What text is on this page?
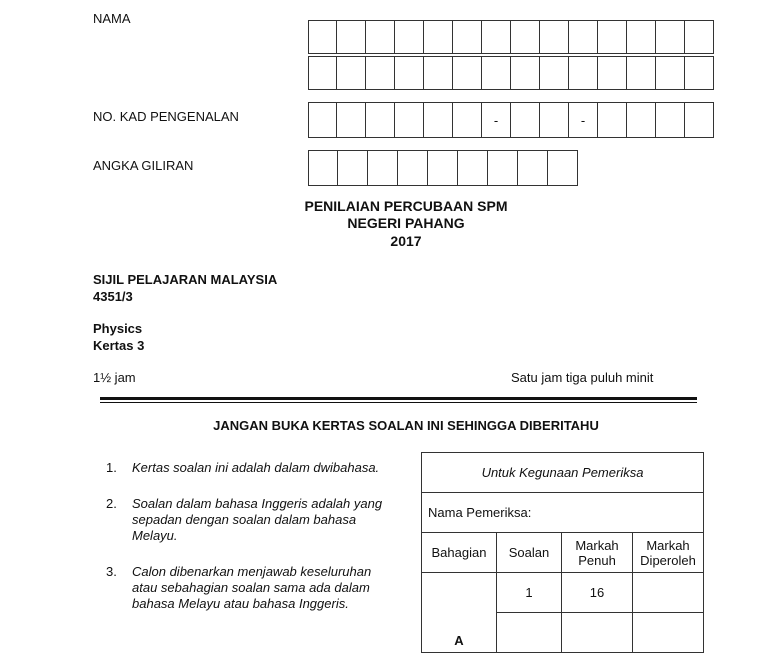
NAMA
NO. KAD PENGENALAN
ANGKA GILIRAN
-	-
PENILAIAN PERCUBAAN SPM
NEGERI PAHANG
2017
SIJIL PELAJARAN MALAYSIA
4351/3
Physics
Kertas 3
1½ jam	Satu jam tiga puluh minit
JANGAN BUKA KERTAS SOALAN INI SEHINGGA DIBERITAHU
1. Kertas soalan ini adalah dalam dwibahasa.
2. Soalan dalam bahasa Inggeris adalah yang sepadan dengan soalan dalam bahasa Melayu.
3. Calon dibenarkan menjawab keseluruhan atau sebahagian soalan sama ada dalam bahasa Melayu atau bahasa Inggeris.
Untuk Kegunaan Pemeriksa			
Nama Pemeriksa:			
Bahagian	Soalan	Markah Penuh	Markah Diperoleh
A	1	16	
